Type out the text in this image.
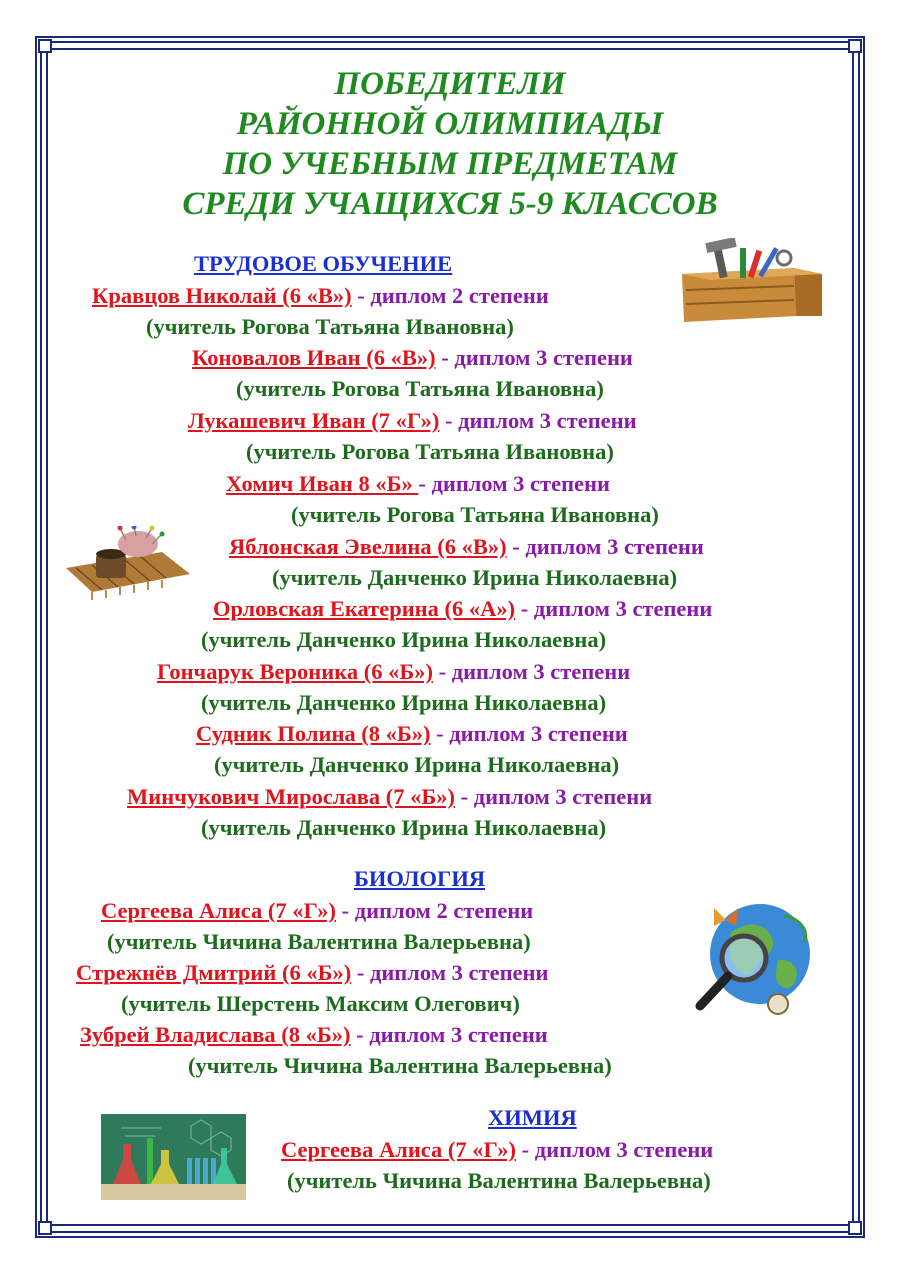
ПОБЕДИТЕЛИ
РАЙОННОЙ ОЛИМПИАДЫ
ПО УЧЕБНЫМ ПРЕДМЕТАМ
СРЕДИ УЧАЩИХСЯ 5-9 КЛАССОВ
ТРУДОВОЕ ОБУЧЕНИЕ
Кравцов Николай (6 «В») - диплом 2 степени
(учитель Рогова Татьяна Ивановна)
Коновалов Иван (6 «В») - диплом 3 степени
(учитель Рогова Татьяна Ивановна)
Лукашевич Иван (7 «Г») - диплом 3 степени
(учитель Рогова Татьяна Ивановна)
Хомич Иван 8 «Б» - диплом 3 степени
(учитель Рогова Татьяна Ивановна)
Яблонская Эвелина (6 «В») - диплом 3 степени
(учитель Данченко Ирина Николаевна)
Орловская Екатерина (6 «А») - диплом 3 степени
(учитель Данченко Ирина Николаевна)
Гончарук Вероника (6 «Б») - диплом 3 степени
(учитель Данченко Ирина Николаевна)
Судник Полина (8 «Б») - диплом 3 степени
(учитель Данченко Ирина Николаевна)
Минчукович Мирослава (7 «Б») - диплом 3 степени
(учитель Данченко Ирина Николаевна)
БИОЛОГИЯ
Сергеева Алиса (7 «Г») - диплом 2 степени
(учитель Чичина Валентина Валерьевна)
Стрежнёв Дмитрий (6 «Б») - диплом 3 степени
(учитель Шерстень Максим Олегович)
Зубрей Владислава (8 «Б») - диплом 3 степени
(учитель Чичина Валентина Валерьевна)
ХИМИЯ
Сергеева Алиса (7 «Г») - диплом 3 степени
(учитель Чичина Валентина Валерьевна)
